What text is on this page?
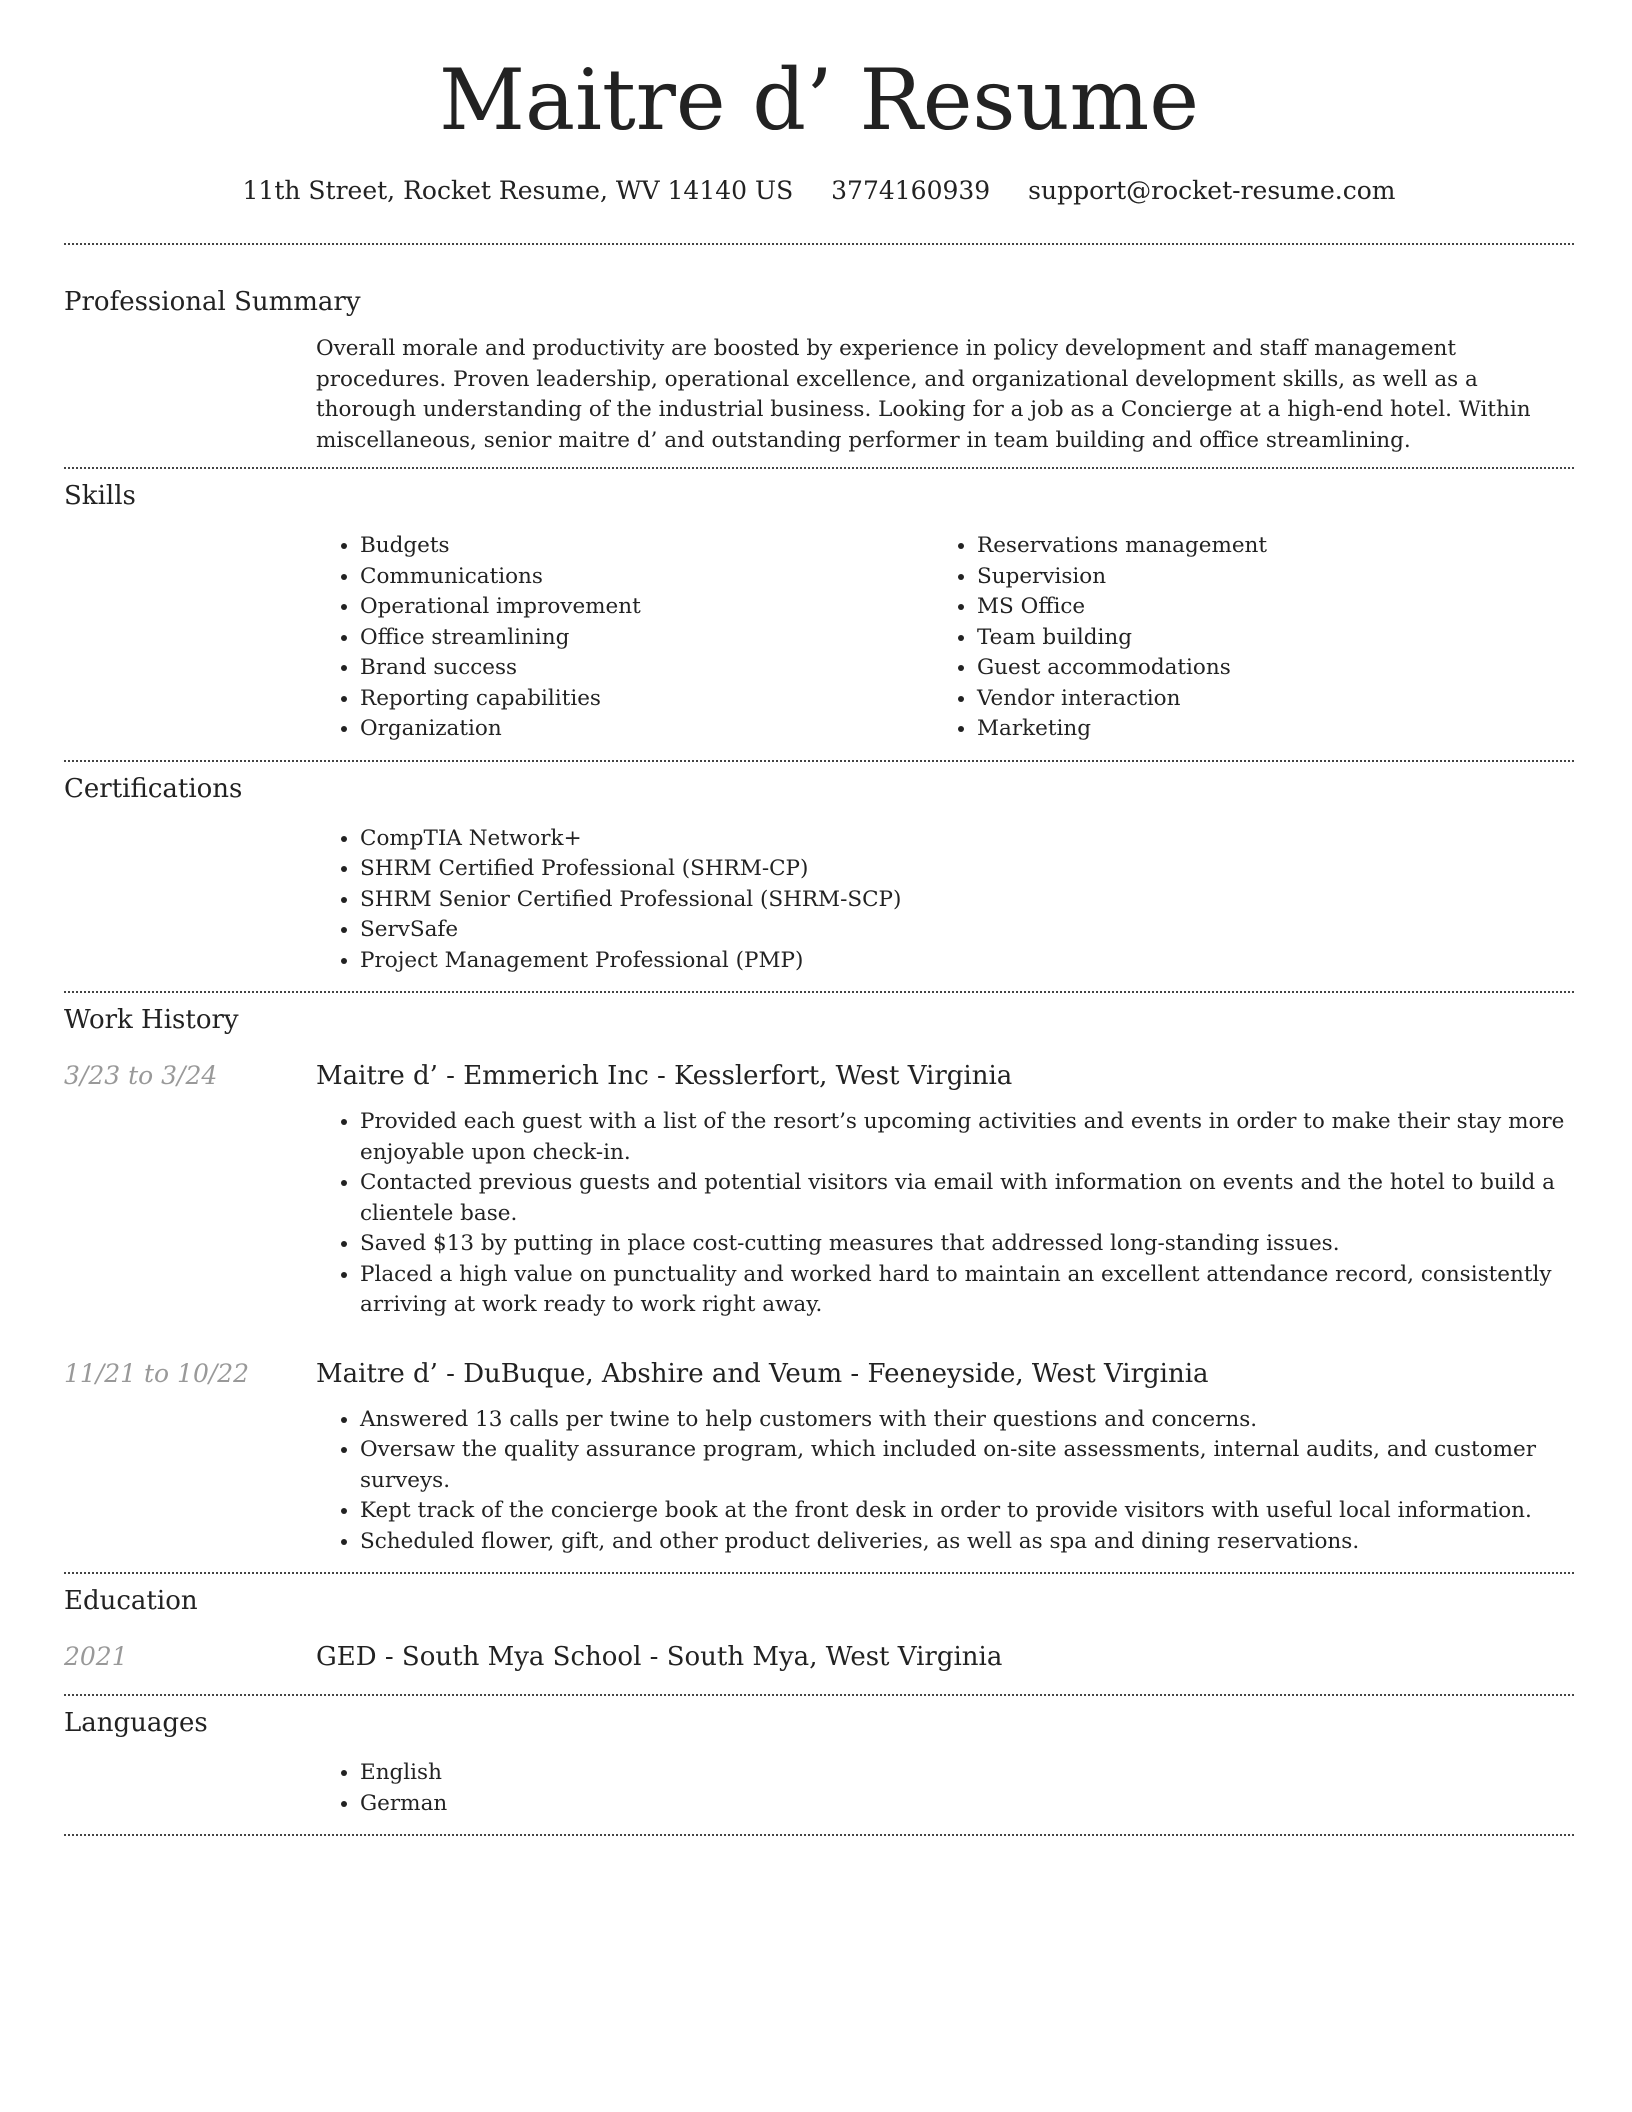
Maitre d’ Resume
11th Street, Rocket Resume, WV 14140 US 3774160939 support@rocket-resume.com
Professional Summary
Overall morale and productivity are boosted by experience in policy development and staff management procedures. Proven leadership, operational excellence, and organizational development skills, as well as a thorough understanding of the industrial business. Looking for a job as a Concierge at a high-end hotel. Within miscellaneous, senior maitre d’ and outstanding performer in team building and office streamlining.
Skills
• Budgets
• Communications
• Operational improvement
• Office streamlining
• Brand success
• Reporting capabilities
• Organization
• Reservations management
• Supervision
• MS Office
• Team building
• Guest accommodations
• Vendor interaction
• Marketing
Certifications
• CompTIA Network+
• SHRM Certified Professional (SHRM-CP)
• SHRM Senior Certified Professional (SHRM-SCP)
• ServSafe
• Project Management Professional (PMP)
Work History
3/23 to 3/24	Maitre d’ - Emmerich Inc - Kesslerfort, West Virginia
• Provided each guest with a list of the resort’s upcoming activities and events in order to make their stay more enjoyable upon check-in.
• Contacted previous guests and potential visitors via email with information on events and the hotel to build a clientele base.
• Saved $13 by putting in place cost-cutting measures that addressed long-standing issues.
• Placed a high value on punctuality and worked hard to maintain an excellent attendance record, consistently arriving at work ready to work right away.
11/21 to 10/22	Maitre d’ - DuBuque, Abshire and Veum - Feeneyside, West Virginia
• Answered 13 calls per twine to help customers with their questions and concerns.
• Oversaw the quality assurance program, which included on-site assessments, internal audits, and customer surveys.
• Kept track of the concierge book at the front desk in order to provide visitors with useful local information.
• Scheduled flower, gift, and other product deliveries, as well as spa and dining reservations.
Education
2021	GED - South Mya School - South Mya, West Virginia
Languages
• English
• German
